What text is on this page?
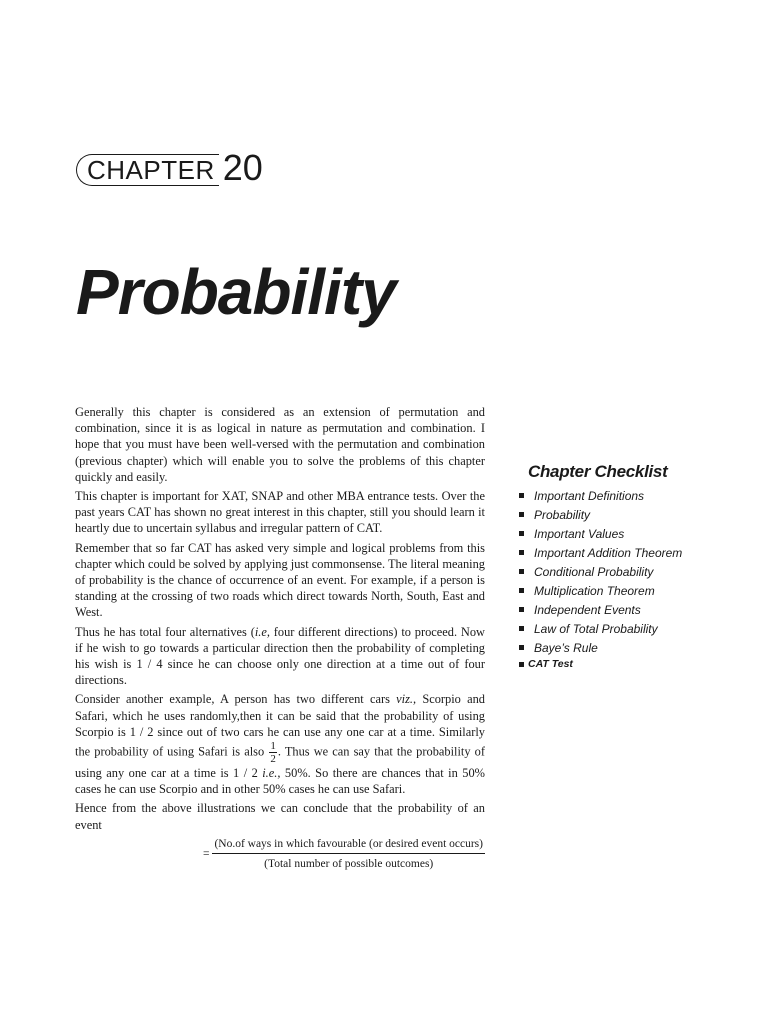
CHAPTER 20
Probability

Generally this chapter is considered as an extension of permutation and combination, since it is as logical in nature as permutation and combination. I hope that you must have been well-versed with the permutation and combination (previous chapter) which will enable you to solve the problems of this chapter quickly and easily.

This chapter is important for XAT, SNAP and other MBA entrance tests. Over the past years CAT has shown no great interest in this chapter, still you should learn it heartly due to uncertain syllabus and irregular pattern of CAT.

Remember that so far CAT has asked very simple and logical problems from this chapter which could be solved by applying just commonsense. The literal meaning of probability is the chance of occurrence of an event. For example, if a person is standing at the crossing of two roads which direct towards North, South, East and West.

Thus he has total four alternatives (i.e, four different directions) to proceed. Now if he wish to go towards a particular direction then the probability of completing his wish is 1 / 4 since he can choose only one direction at a time out of four directions.

Consider another example, A person has two different cars viz., Scorpio and Safari, which he uses randomly,then it can be said that the probability of using Scorpio is 1 / 2 since out of two cars he can use any one car at a time. Similarly the probability of using Safari is also $\frac{1}{2}$ . Thus we can say that the probability of using any one car at a time is 1 / 2 i.e., 50%. So there are chances that in 50% cases he can use Scorpio and in other 50% cases he can use Safari.

Hence from the above illustrations we can conclude that the probability of an event

= $\frac{\text{(No.of ways in which favourable (or desired event occurs)}}{\text{(Total number of possible outcomes)}}$
Chapter Checklist
Important Definitions
Probability
Important Values
Important Addition Theorem
Conditional Probability
Multiplication Theorem
Independent Events
Law of Total Probability
Baye’s Rule
CAT Test
